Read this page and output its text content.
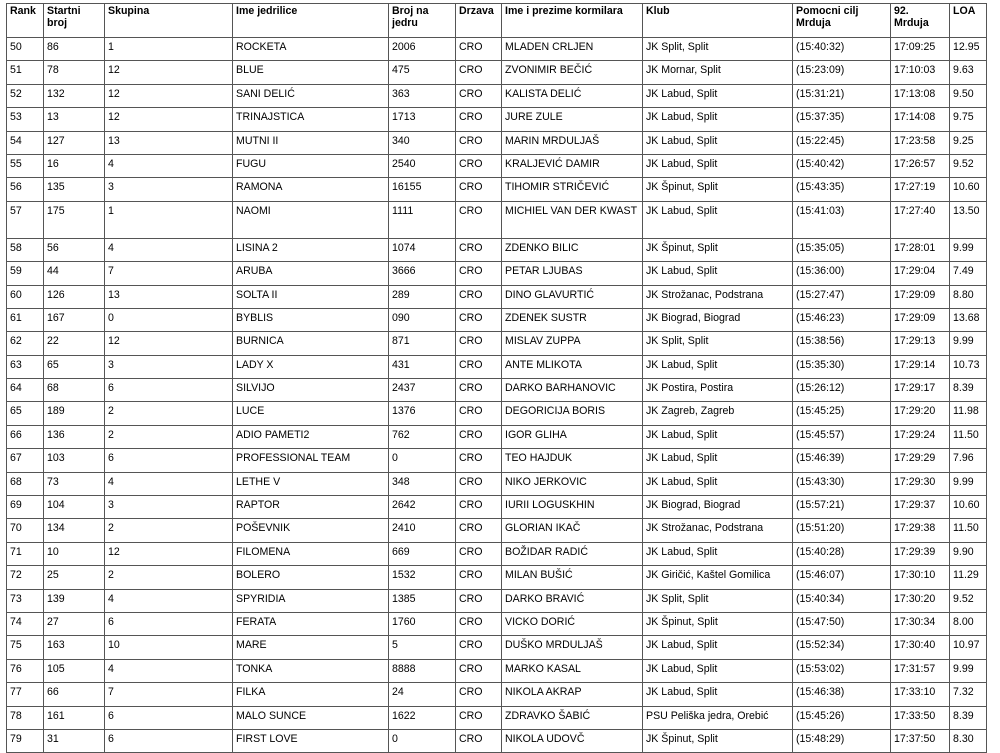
Rank	Startni broj	Skupina	Ime jedrilice	Broj na jedru	Drzava	Ime i prezime kormilara	Klub	Pomocni cilj Mrduja	92. Mrduja	LOA
50	86	1	ROCKETA	2006	CRO	MLADEN CRLJEN	JK Split, Split	(15:40:32)	17:09:25	12.95
51	78	12	BLUE	475	CRO	ZVONIMIR BEČIĆ	JK Mornar, Split	(15:23:09)	17:10:03	9.63
52	132	12	SANI DELIĆ	363	CRO	KALISTA DELIĆ	JK Labud, Split	(15:31:21)	17:13:08	9.50
53	13	12	TRINAJSTICA	1713	CRO	JURE ZULE	JK Labud, Split	(15:37:35)	17:14:08	9.75
54	127	13	MUTNI II	340	CRO	MARIN MRDULJAŠ	JK Labud, Split	(15:22:45)	17:23:58	9.25
55	16	4	FUGU	2540	CRO	KRALJEVIĆ DAMIR	JK Labud, Split	(15:40:42)	17:26:57	9.52
56	135	3	RAMONA	16155	CRO	TIHOMIR STRIČEVIĆ	JK Špinut, Split	(15:43:35)	17:27:19	10.60
57	175	1	NAOMI	1111	CRO	MICHIEL VAN DER KWAST	JK Labud, Split	(15:41:03)	17:27:40	13.50
58	56	4	LISINA 2	1074	CRO	ZDENKO BILIC	JK Špinut, Split	(15:35:05)	17:28:01	9.99
59	44	7	ARUBA	3666	CRO	PETAR LJUBAS	JK Labud, Split	(15:36:00)	17:29:04	7.49
60	126	13	SOLTA II	289	CRO	DINO GLAVURTIĆ	JK Strožanac, Podstrana	(15:27:47)	17:29:09	8.80
61	167	0	BYBLIS	090	CRO	ZDENEK SUSTR	JK Biograd, Biograd	(15:46:23)	17:29:09	13.68
62	22	12	BURNICA	871	CRO	MISLAV ZUPPA	JK Split, Split	(15:38:56)	17:29:13	9.99
63	65	3	LADY X	431	CRO	ANTE MLIKOTA	JK Labud, Split	(15:35:30)	17:29:14	10.73
64	68	6	SILVIJO	2437	CRO	DARKO BARHANOVIC	JK Postira, Postira	(15:26:12)	17:29:17	8.39
65	189	2	LUCE	1376	CRO	DEGORICIJA BORIS	JK Zagreb, Zagreb	(15:45:25)	17:29:20	11.98
66	136	2	ADIO PAMETI2	762	CRO	IGOR GLIHA	JK Labud, Split	(15:45:57)	17:29:24	11.50
67	103	6	PROFESSIONAL TEAM	0	CRO	TEO HAJDUK	JK Labud, Split	(15:46:39)	17:29:29	7.96
68	73	4	LETHE V	348	CRO	NIKO JERKOVIC	JK Labud, Split	(15:43:30)	17:29:30	9.99
69	104	3	RAPTOR	2642	CRO	IURII LOGUSKHIN	JK Biograd, Biograd	(15:57:21)	17:29:37	10.60
70	134	2	POŠEVNIK	2410	CRO	GLORIAN IKAČ	JK Strožanac, Podstrana	(15:51:20)	17:29:38	11.50
71	10	12	FILOMENA	669	CRO	BOŽIDAR RADIĆ	JK Labud, Split	(15:40:28)	17:29:39	9.90
72	25	2	BOLERO	1532	CRO	MILAN BUŠIĆ	JK Giričić, Kaštel Gomilica	(15:46:07)	17:30:10	11.29
73	139	4	SPYRIDIA	1385	CRO	DARKO BRAVIĆ	JK Split, Split	(15:40:34)	17:30:20	9.52
74	27	6	FERATA	1760	CRO	VICKO DORIĆ	JK Špinut, Split	(15:47:50)	17:30:34	8.00
75	163	10	MARE	5	CRO	DUŠKO MRDULJAŠ	JK Labud, Split	(15:52:34)	17:30:40	10.97
76	105	4	TONKA	8888	CRO	MARKO KASAL	JK Labud, Split	(15:53:02)	17:31:57	9.99
77	66	7	FILKA	24	CRO	NIKOLA AKRAP	JK Labud, Split	(15:46:38)	17:33:10	7.32
78	161	6	MALO SUNCE	1622	CRO	ZDRAVKO ŠABIĆ	PSU Peliška jedra, Orebić	(15:45:26)	17:33:50	8.39
79	31	6	FIRST LOVE	0	CRO	NIKOLA UDOVČ	JK Špinut, Split	(15:48:29)	17:37:50	8.30
